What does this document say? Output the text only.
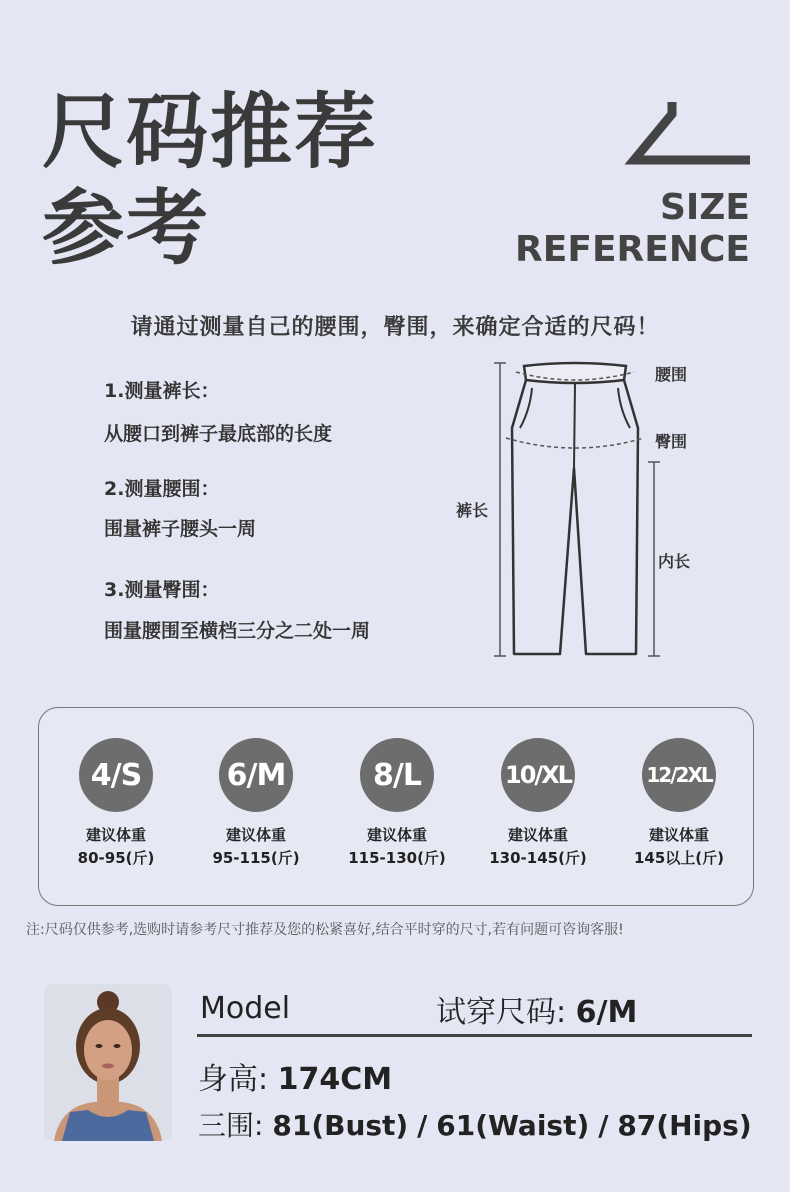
尺码推荐
参考	SIZE
REFERENCE
请通过测量自己的腰围，臀围，来确定合适的尺码！
1.测量裤长：
从腰口到裤子最底部的长度
2.测量腰围：
围量裤子腰头一周
3.测量臀围：
围量腰围至横档三分之二处一周
腰围
臀围
裤长
内长
4/S
建议体重
80-95(斤)
6/M
建议体重
95-115(斤)
8/L
建议体重
115-130(斤)
10/XL
建议体重
130-145(斤)
12/2XL
建议体重
145以上(斤)
注:尺码仅供参考,选购时请参考尺寸推荐及您的松紧喜好,结合平时穿的尺寸,若有问题可咨询客服!
Model	试穿尺码: 6/M
身高: 174CM
三围: 81(Bust) / 61(Waist) / 87(Hips)
